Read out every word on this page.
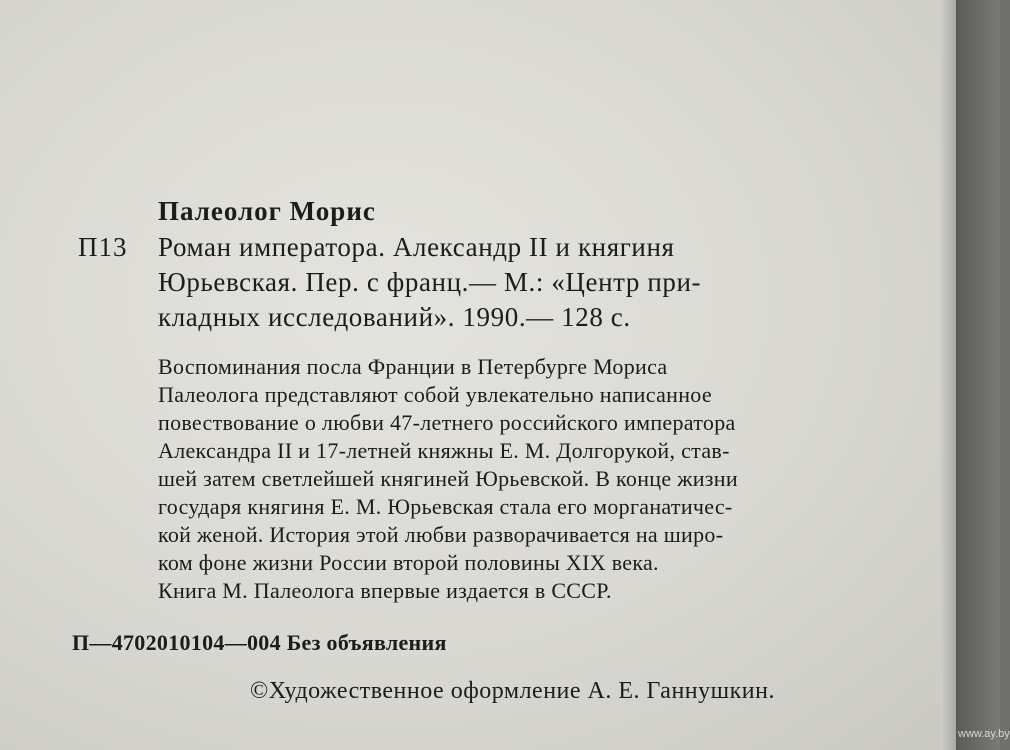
Палеолог Морис

П13 Роман императора. Александр II и княгиня

Юрьевская. Пер. с франц.— М.: «Центр при-

кладных исследований». 1990.— 128 с.

Воспоминания посла Франции в Петербурге Мориса

Палеолога представляют собой увлекательно написанное

повествование о любви 47-летнего российского императора

Александра II и 17-летней княжны Е. М. Долгорукой, став-

шей затем светлейшей княгиней Юрьевской. В конце жизни

государя княгиня Е. М. Юрьевская стала его морганатичес-

кой женой. История этой любви разворачивается на широ-

ком фоне жизни России второй половины XIX века.

Книга М. Палеолога впервые издается в СССР.

П—4702010104—004 Без объявления

©Художественное оформление А. Е. Ганнушкин.

www.ay.by
